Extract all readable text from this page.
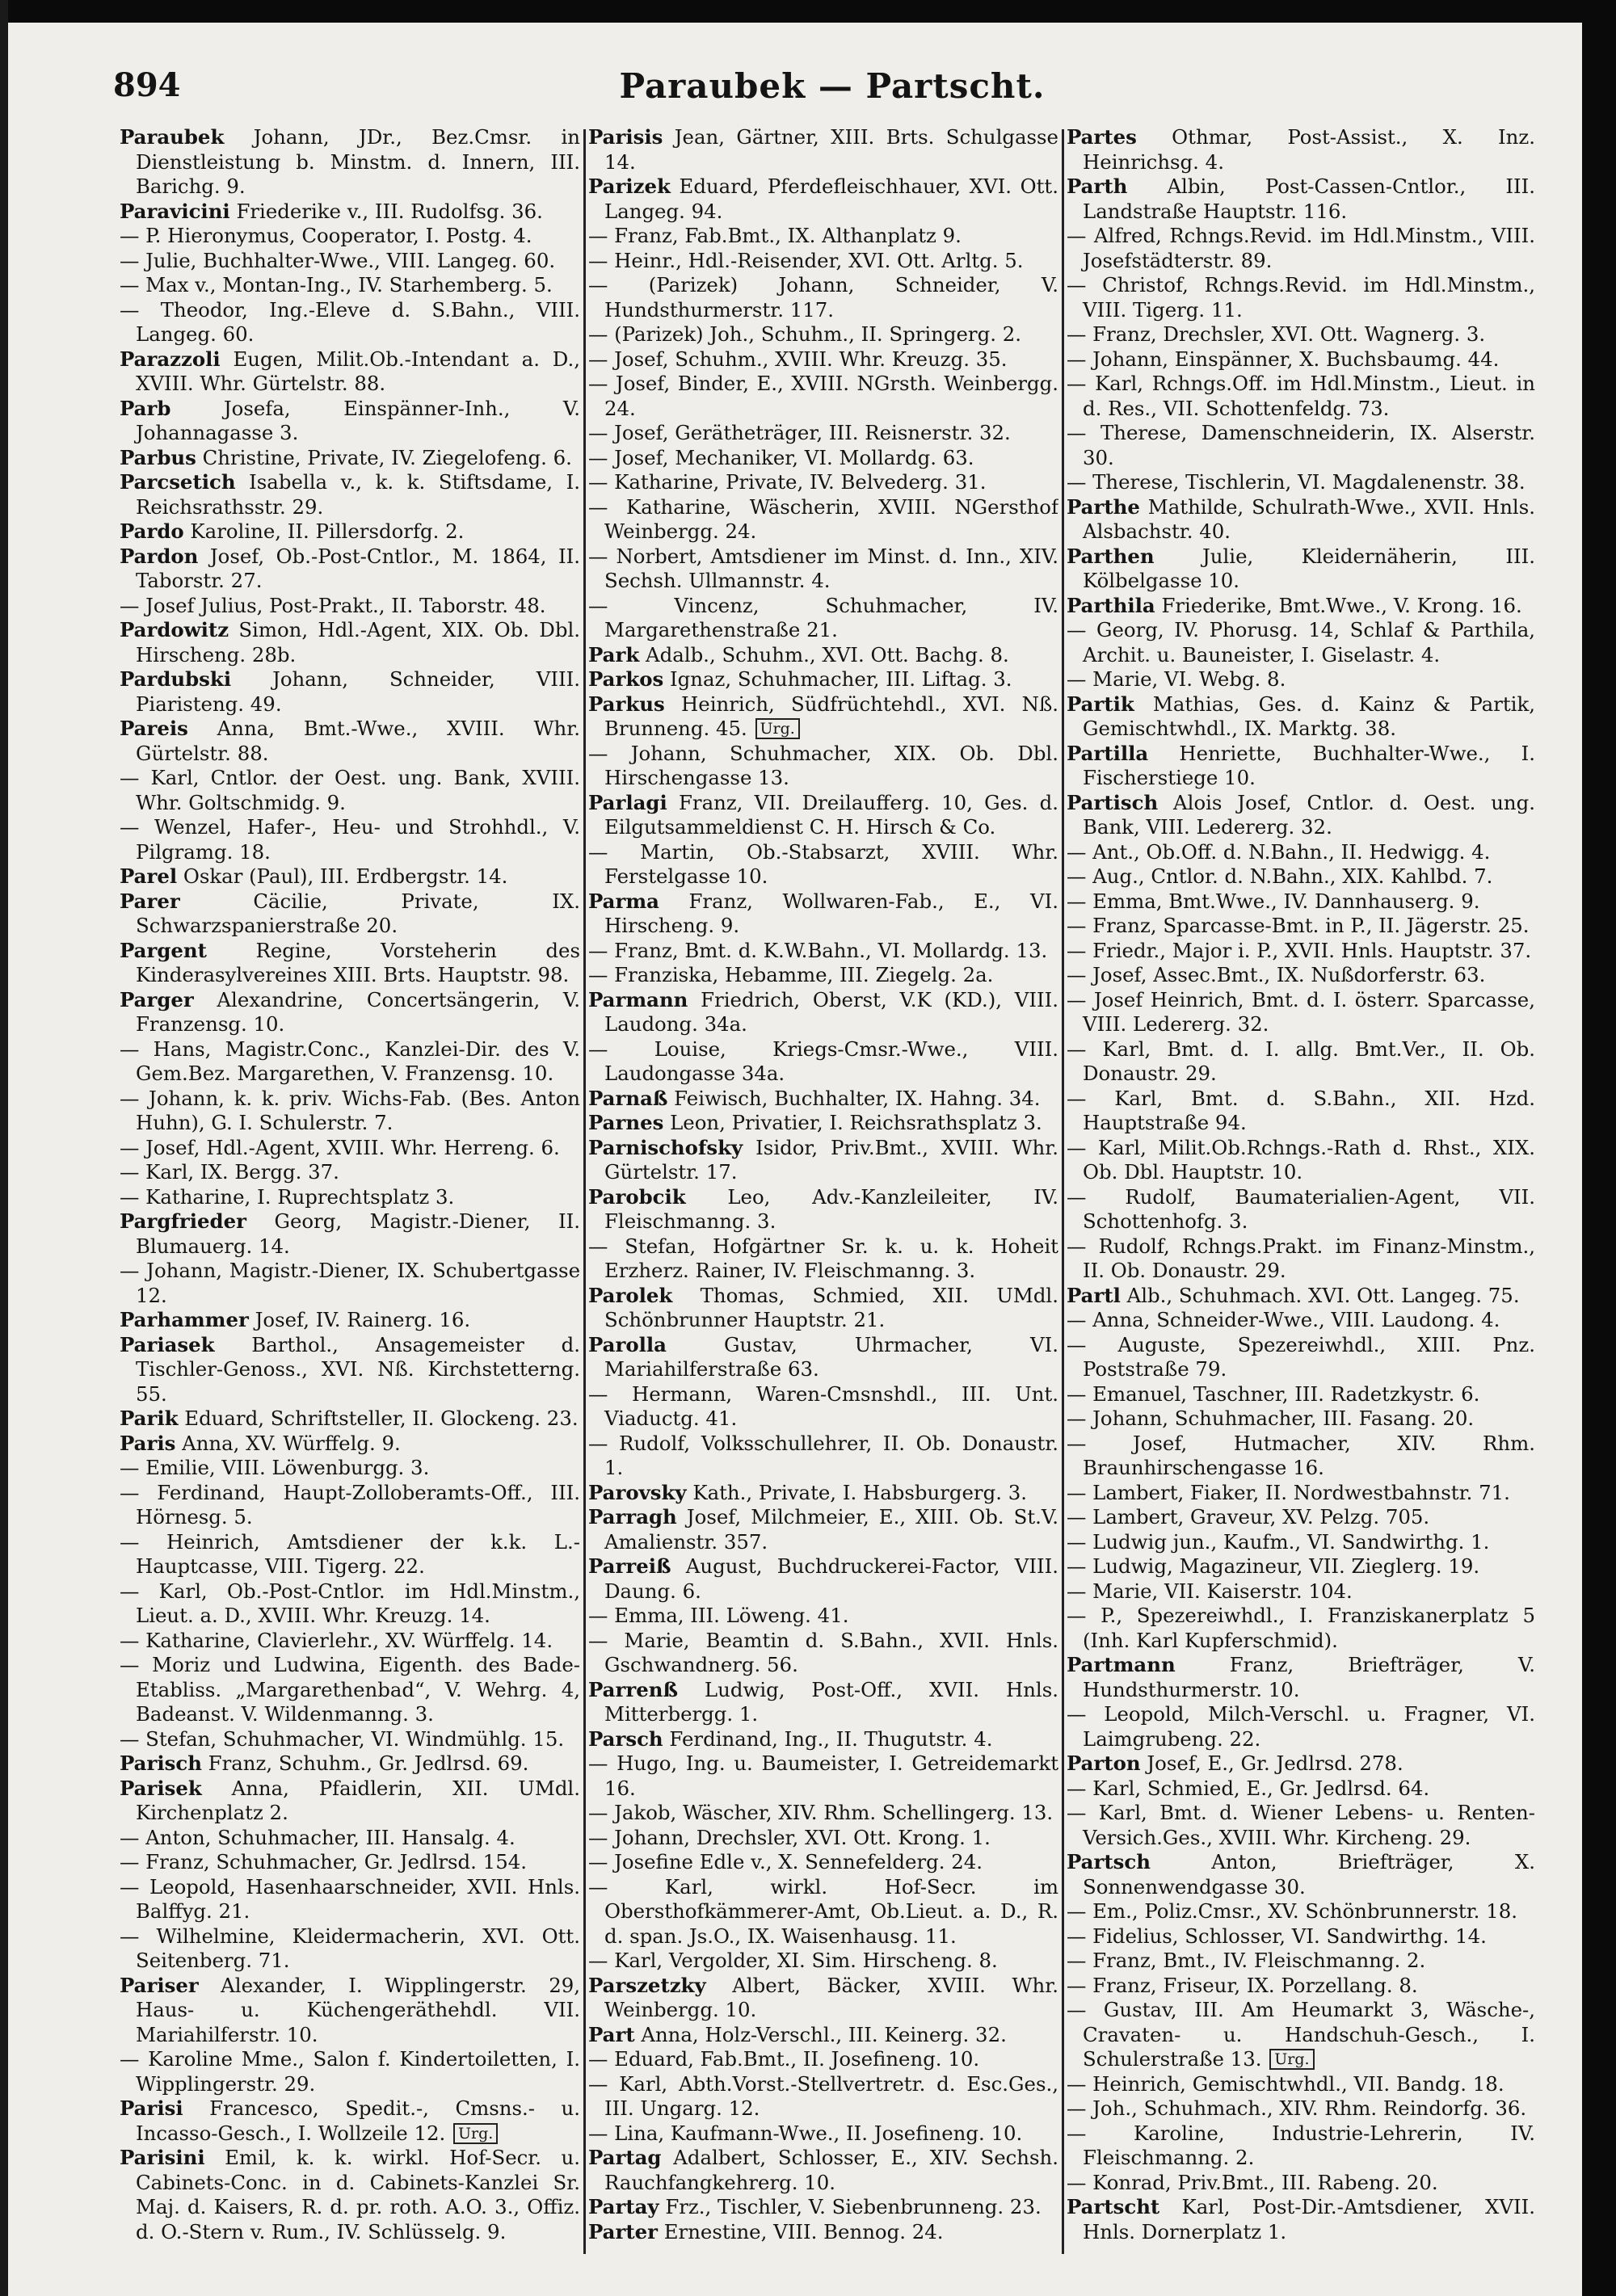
Paraubek — Partscht.
894

Paraubek Johann, JDr., Bez.Cmsr. in Dienstleistung b. Minstm. d. Innern, III. Barichg. 9.

Paravicini Friederike v., III. Rudolfsg. 36.

— P. Hieronymus, Cooperator, I. Postg. 4.

— Julie, Buchhalter-Wwe., VIII. Langeg. 60.

— Max v., Montan-Ing., IV. Starhemberg. 5.

— Theodor, Ing.-Eleve d. S.Bahn., VIII. Langeg. 60.

Parazzoli Eugen, Milit.Ob.-Intendant a. D., XVIII. Whr. Gürtelstr. 88.

Parb Josefa, Einspänner-Inh., V. Johannagasse 3.

Parbus Christine, Private, IV. Ziegelofeng. 6.

Parcsetich Isabella v., k. k. Stiftsdame, I. Reichsrathsstr. 29.

Pardo Karoline, II. Pillersdorfg. 2.

Pardon Josef, Ob.-Post-Cntlor., M. 1864, II. Taborstr. 27.

— Josef Julius, Post-Prakt., II. Taborstr. 48.

Pardowitz Simon, Hdl.-Agent, XIX. Ob. Dbl. Hirscheng. 28b.

Pardubski Johann, Schneider, VIII. Piaristeng. 49.

Pareis Anna, Bmt.-Wwe., XVIII. Whr. Gürtelstr. 88.

— Karl, Cntlor. der Oest. ung. Bank, XVIII. Whr. Goltschmidg. 9.

— Wenzel, Hafer-, Heu- und Strohhdl., V. Pilgramg. 18.

Parel Oskar (Paul), III. Erdbergstr. 14.

Parer Cäcilie, Private, IX. Schwarzspanierstraße 20.

Pargent Regine, Vorsteherin des Kinderasylvereines XIII. Brts. Hauptstr. 98.

Parger Alexandrine, Concertsängerin, V. Franzensg. 10.

— Hans, Magistr.Conc., Kanzlei-Dir. des V. Gem.Bez. Margarethen, V. Franzensg. 10.

— Johann, k. k. priv. Wichs-Fab. (Bes. Anton Huhn), G. I. Schulerstr. 7.

— Josef, Hdl.-Agent, XVIII. Whr. Herreng. 6.

— Karl, IX. Bergg. 37.

— Katharine, I. Ruprechtsplatz 3.

Pargfrieder Georg, Magistr.-Diener, II. Blumauerg. 14.

— Johann, Magistr.-Diener, IX. Schubertgasse 12.

Parhammer Josef, IV. Rainerg. 16.

Pariasek Barthol., Ansagemeister d. Tischler-Genoss., XVI. Nß. Kirchstetterng. 55.

Parik Eduard, Schriftsteller, II. Glockeng. 23.

Paris Anna, XV. Würffelg. 9.

— Emilie, VIII. Löwenburgg. 3.

— Ferdinand, Haupt-Zolloberamts-Off., III. Hörnesg. 5.

— Heinrich, Amtsdiener der k.k. L.-Hauptcasse, VIII. Tigerg. 22.

— Karl, Ob.-Post-Cntlor. im Hdl.Minstm., Lieut. a. D., XVIII. Whr. Kreuzg. 14.

— Katharine, Clavierlehr., XV. Würffelg. 14.

— Moriz und Ludwina, Eigenth. des Bade-Etabliss. „Margarethenbad“, V. Wehrg. 4, Badeanst. V. Wildenmanng. 3.

— Stefan, Schuhmacher, VI. Windmühlg. 15.

Parisch Franz, Schuhm., Gr. Jedlrsd. 69.

Parisek Anna, Pfaidlerin, XII. UMdl. Kirchenplatz 2.

— Anton, Schuhmacher, III. Hansalg. 4.

— Franz, Schuhmacher, Gr. Jedlrsd. 154.

— Leopold, Hasenhaarschneider, XVII. Hnls. Balffyg. 21.

— Wilhelmine, Kleidermacherin, XVI. Ott. Seitenberg. 71.

Pariser Alexander, I. Wipplingerstr. 29, Haus- u. Küchengeräthehdl. VII. Mariahilferstr. 10.

— Karoline Mme., Salon f. Kindertoiletten, I. Wipplingerstr. 29.

Parisi Francesco, Spedit.-, Cmsns.- u. Incasso-Gesch., I. Wollzeile 12. Urg.

Parisini Emil, k. k. wirkl. Hof-Secr. u. Cabinets-Conc. in d. Cabinets-Kanzlei Sr. Maj. d. Kaisers, R. d. pr. roth. A.O. 3., Offiz. d. O.-Stern v. Rum., IV. Schlüsselg. 9.

Parisis Jean, Gärtner, XIII. Brts. Schulgasse 14.

Parizek Eduard, Pferdefleischhauer, XVI. Ott. Langeg. 94.

— Franz, Fab.Bmt., IX. Althanplatz 9.

— Heinr., Hdl.-Reisender, XVI. Ott. Arltg. 5.

— (Parizek) Johann, Schneider, V. Hundsthurmerstr. 117.

— (Parizek) Joh., Schuhm., II. Springerg. 2.

— Josef, Schuhm., XVIII. Whr. Kreuzg. 35.

— Josef, Binder, E., XVIII. NGrsth. Weinbergg. 24.

— Josef, Gerätheträger, III. Reisnerstr. 32.

— Josef, Mechaniker, VI. Mollardg. 63.

— Katharine, Private, IV. Belvederg. 31.

— Katharine, Wäscherin, XVIII. NGersthof Weinbergg. 24.

— Norbert, Amtsdiener im Minst. d. Inn., XIV. Sechsh. Ullmannstr. 4.

— Vincenz, Schuhmacher, IV. Margarethenstraße 21.

Park Adalb., Schuhm., XVI. Ott. Bachg. 8.

Parkos Ignaz, Schuhmacher, III. Liftag. 3.

Parkus Heinrich, Südfrüchtehdl., XVI. Nß. Brunneng. 45. Urg.

— Johann, Schuhmacher, XIX. Ob. Dbl. Hirschengasse 13.

Parlagi Franz, VII. Dreilaufferg. 10, Ges. d. Eilgutsammeldienst C. H. Hirsch & Co.

— Martin, Ob.-Stabsarzt, XVIII. Whr. Ferstelgasse 10.

Parma Franz, Wollwaren-Fab., E., VI. Hirscheng. 9.

— Franz, Bmt. d. K.W.Bahn., VI. Mollardg. 13.

— Franziska, Hebamme, III. Ziegelg. 2a.

Parmann Friedrich, Oberst, V.K (KD.), VIII. Laudong. 34a.

— Louise, Kriegs-Cmsr.-Wwe., VIII. Laudongasse 34a.

Parnaß Feiwisch, Buchhalter, IX. Hahng. 34.

Parnes Leon, Privatier, I. Reichsrathsplatz 3.

Parnischofsky Isidor, Priv.Bmt., XVIII. Whr. Gürtelstr. 17.

Parobcik Leo, Adv.-Kanzleileiter, IV. Fleischmanng. 3.

— Stefan, Hofgärtner Sr. k. u. k. Hoheit Erzherz. Rainer, IV. Fleischmanng. 3.

Parolek Thomas, Schmied, XII. UMdl. Schönbrunner Hauptstr. 21.

Parolla Gustav, Uhrmacher, VI. Mariahilferstraße 63.

— Hermann, Waren-Cmsnshdl., III. Unt. Viaductg. 41.

— Rudolf, Volksschullehrer, II. Ob. Donaustr. 1.

Parovsky Kath., Private, I. Habsburgerg. 3.

Parragh Josef, Milchmeier, E., XIII. Ob. St.V. Amalienstr. 357.

Parreiß August, Buchdruckerei-Factor, VIII. Daung. 6.

— Emma, III. Löweng. 41.

— Marie, Beamtin d. S.Bahn., XVII. Hnls. Gschwandnerg. 56.

Parrenß Ludwig, Post-Off., XVII. Hnls. Mitterbergg. 1.

Parsch Ferdinand, Ing., II. Thugutstr. 4.

— Hugo, Ing. u. Baumeister, I. Getreidemarkt 16.

— Jakob, Wäscher, XIV. Rhm. Schellingerg. 13.

— Johann, Drechsler, XVI. Ott. Krong. 1.

— Josefine Edle v., X. Sennefelderg. 24.

— Karl, wirkl. Hof-Secr. im Obersthofkämmerer-Amt, Ob.Lieut. a. D., R. d. span. Js.O., IX. Waisenhausg. 11.

— Karl, Vergolder, XI. Sim. Hirscheng. 8.

Parszetzky Albert, Bäcker, XVIII. Whr. Weinbergg. 10.

Part Anna, Holz-Verschl., III. Keinerg. 32.

— Eduard, Fab.Bmt., II. Josefineng. 10.

— Karl, Abth.Vorst.-Stellvertretr. d. Esc.Ges., III. Ungarg. 12.

— Lina, Kaufmann-Wwe., II. Josefineng. 10.

Partag Adalbert, Schlosser, E., XIV. Sechsh. Rauchfangkehrerg. 10.

Partay Frz., Tischler, V. Siebenbrunneng. 23.

Parter Ernestine, VIII. Bennog. 24.

Partes Othmar, Post-Assist., X. Inz. Heinrichsg. 4.

Parth Albin, Post-Cassen-Cntlor., III. Landstraße Hauptstr. 116.

— Alfred, Rchngs.Revid. im Hdl.Minstm., VIII. Josefstädterstr. 89.

— Christof, Rchngs.Revid. im Hdl.Minstm., VIII. Tigerg. 11.

— Franz, Drechsler, XVI. Ott. Wagnerg. 3.

— Johann, Einspänner, X. Buchsbaumg. 44.

— Karl, Rchngs.Off. im Hdl.Minstm., Lieut. in d. Res., VII. Schottenfeldg. 73.

— Therese, Damenschneiderin, IX. Alserstr. 30.

— Therese, Tischlerin, VI. Magdalenenstr. 38.

Parthe Mathilde, Schulrath-Wwe., XVII. Hnls. Alsbachstr. 40.

Parthen Julie, Kleidernäherin, III. Kölbelgasse 10.

Parthila Friederike, Bmt.Wwe., V. Krong. 16.

— Georg, IV. Phorusg. 14, Schlaf & Parthila, Archit. u. Bauneister, I. Giselastr. 4.

— Marie, VI. Webg. 8.

Partik Mathias, Ges. d. Kainz & Partik, Gemischtwhdl., IX. Marktg. 38.

Partilla Henriette, Buchhalter-Wwe., I. Fischerstiege 10.

Partisch Alois Josef, Cntlor. d. Oest. ung. Bank, VIII. Ledererg. 32.

— Ant., Ob.Off. d. N.Bahn., II. Hedwigg. 4.

— Aug., Cntlor. d. N.Bahn., XIX. Kahlbd. 7.

— Emma, Bmt.Wwe., IV. Dannhauserg. 9.

— Franz, Sparcasse-Bmt. in P., II. Jägerstr. 25.

— Friedr., Major i. P., XVII. Hnls. Hauptstr. 37.

— Josef, Assec.Bmt., IX. Nußdorferstr. 63.

— Josef Heinrich, Bmt. d. I. österr. Sparcasse, VIII. Ledererg. 32.

— Karl, Bmt. d. I. allg. Bmt.Ver., II. Ob. Donaustr. 29.

— Karl, Bmt. d. S.Bahn., XII. Hzd. Hauptstraße 94.

— Karl, Milit.Ob.Rchngs.-Rath d. Rhst., XIX. Ob. Dbl. Hauptstr. 10.

— Rudolf, Baumaterialien-Agent, VII. Schottenhofg. 3.

— Rudolf, Rchngs.Prakt. im Finanz-Minstm., II. Ob. Donaustr. 29.

Partl Alb., Schuhmach. XVI. Ott. Langeg. 75.

— Anna, Schneider-Wwe., VIII. Laudong. 4.

— Auguste, Spezereiwhdl., XIII. Pnz. Poststraße 79.

— Emanuel, Taschner, III. Radetzkystr. 6.

— Johann, Schuhmacher, III. Fasang. 20.

— Josef, Hutmacher, XIV. Rhm. Braunhirschengasse 16.

— Lambert, Fiaker, II. Nordwestbahnstr. 71.

— Lambert, Graveur, XV. Pelzg. 705.

— Ludwig jun., Kaufm., VI. Sandwirthg. 1.

— Ludwig, Magazineur, VII. Zieglerg. 19.

— Marie, VII. Kaiserstr. 104.

— P., Spezereiwhdl., I. Franziskanerplatz 5 (Inh. Karl Kupferschmid).

Partmann Franz, Briefträger, V. Hundsthurmerstr. 10.

— Leopold, Milch-Verschl. u. Fragner, VI. Laimgrubeng. 22.

Parton Josef, E., Gr. Jedlrsd. 278.

— Karl, Schmied, E., Gr. Jedlrsd. 64.

— Karl, Bmt. d. Wiener Lebens- u. Renten-Versich.Ges., XVIII. Whr. Kircheng. 29.

Partsch Anton, Briefträger, X. Sonnenwendgasse 30.

— Em., Poliz.Cmsr., XV. Schönbrunnerstr. 18.

— Fidelius, Schlosser, VI. Sandwirthg. 14.

— Franz, Bmt., IV. Fleischmanng. 2.

— Franz, Friseur, IX. Porzellang. 8.

— Gustav, III. Am Heumarkt 3, Wäsche-, Cravaten- u. Handschuh-Gesch., I. Schulerstraße 13. Urg.

— Heinrich, Gemischtwhdl., VII. Bandg. 18.

— Joh., Schuhmach., XIV. Rhm. Reindorfg. 36.

— Karoline, Industrie-Lehrerin, IV. Fleischmanng. 2.

— Konrad, Priv.Bmt., III. Rabeng. 20.

Partscht Karl, Post-Dir.-Amtsdiener, XVII. Hnls. Dornerplatz 1.
